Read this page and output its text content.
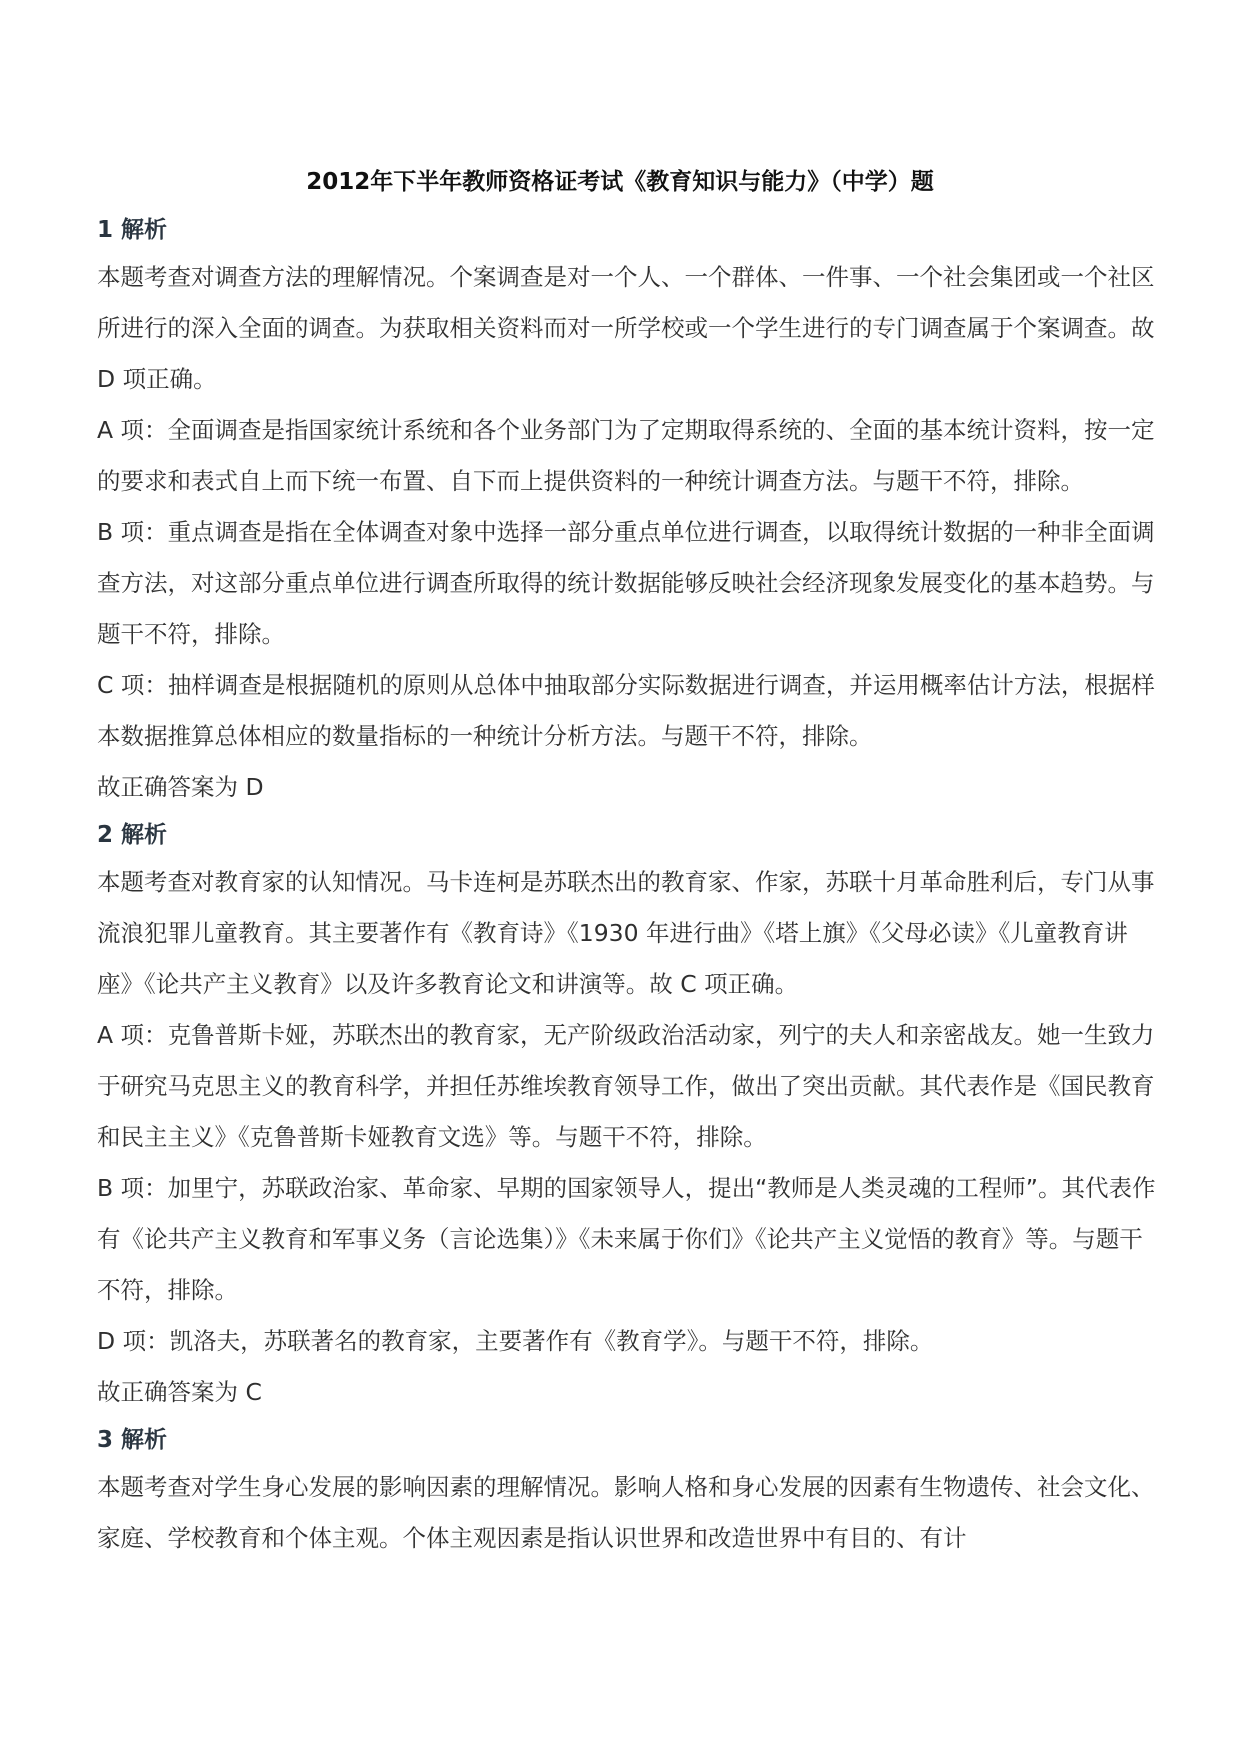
2012年下半年教师资格证考试《教育知识与能力》（中学）题
1 解析

本题考查对调查方法的理解情况。个案调查是对一个人、一个群体、一件事、一个社会集团或一个社区所进行的深入全面的调查。为获取相关资料而对一所学校或一个学生进行的专门调查属于个案调查。故 D 项正确。

A 项：全面调查是指国家统计系统和各个业务部门为了定期取得系统的、全面的基本统计资料，按一定的要求和表式自上而下统一布置、自下而上提供资料的一种统计调查方法。与题干不符，排除。

B 项：重点调查是指在全体调查对象中选择一部分重点单位进行调查，以取得统计数据的一种非全面调查方法，对这部分重点单位进行调查所取得的统计数据能够反映社会经济现象发展变化的基本趋势。与题干不符，排除。

C 项：抽样调查是根据随机的原则从总体中抽取部分实际数据进行调查，并运用概率估计方法，根据样本数据推算总体相应的数量指标的一种统计分析方法。与题干不符，排除。

故正确答案为 D

2 解析

本题考查对教育家的认知情况。马卡连柯是苏联杰出的教育家、作家，苏联十月革命胜利后，专门从事流浪犯罪儿童教育。其主要著作有《教育诗》《1930 年进行曲》《塔上旗》《父母必读》《儿童教育讲座》《论共产主义教育》以及许多教育论文和讲演等。故 C 项正确。

A 项：克鲁普斯卡娅，苏联杰出的教育家，无产阶级政治活动家，列宁的夫人和亲密战友。她一生致力于研究马克思主义的教育科学，并担任苏维埃教育领导工作，做出了突出贡献。其代表作是《国民教育和民主主义》《克鲁普斯卡娅教育文选》等。与题干不符，排除。

B 项：加里宁，苏联政治家、革命家、早期的国家领导人，提出“教师是人类灵魂的工程师”。其代表作有《论共产主义教育和军事义务（言论选集）》《未来属于你们》《论共产主义觉悟的教育》等。与题干不符，排除。

D 项：凯洛夫，苏联著名的教育家，主要著作有《教育学》。与题干不符，排除。

故正确答案为 C

3 解析

本题考查对学生身心发展的影响因素的理解情况。影响人格和身心发展的因素有生物遗传、社会文化、家庭、学校教育和个体主观。个体主观因素是指认识世界和改造世界中有目的、有计
